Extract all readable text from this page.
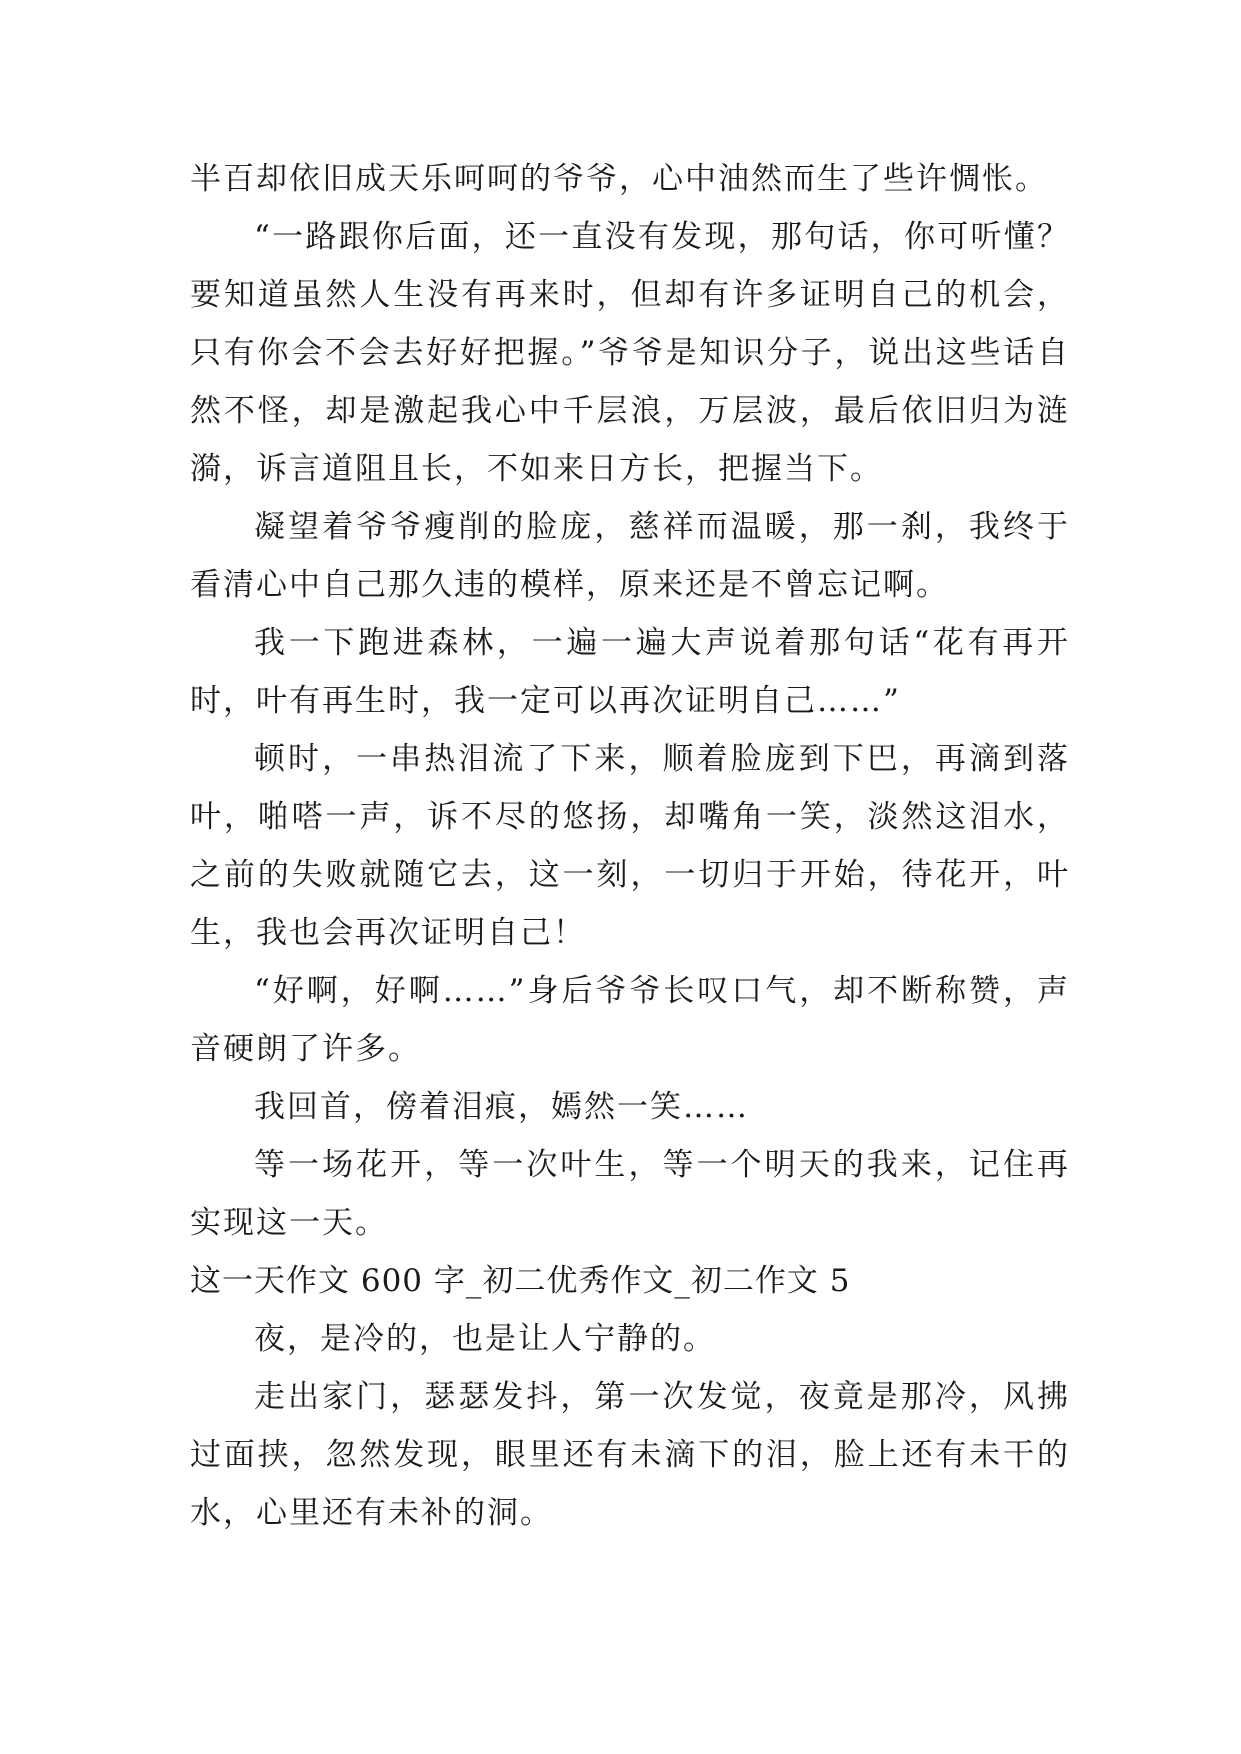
半百却依旧成天乐呵呵的爷爷，心中油然而生了些许惆怅。

“一路跟你后面，还一直没有发现，那句话，你可听懂？要知道虽然人生没有再来时，但却有许多证明自己的机会，只有你会不会去好好把握。”爷爷是知识分子，说出这些话自然不怪，却是激起我心中千层浪，万层波，最后依旧归为涟漪，诉言道阻且长，不如来日方长，把握当下。

凝望着爷爷瘦削的脸庞，慈祥而温暖，那一刹，我终于看清心中自己那久违的模样，原来还是不曾忘记啊。

我一下跑进森林，一遍一遍大声说着那句话“花有再开时，叶有再生时，我一定可以再次证明自己……”

顿时，一串热泪流了下来，顺着脸庞到下巴，再滴到落叶，啪嗒一声，诉不尽的悠扬，却嘴角一笑，淡然这泪水，之前的失败就随它去，这一刻，一切归于开始，待花开，叶生，我也会再次证明自己！

“好啊，好啊……”身后爷爷长叹口气，却不断称赞，声音硬朗了许多。

我回首，傍着泪痕，嫣然一笑……

等一场花开，等一次叶生，等一个明天的我来，记住再实现这一天。

这一天作文 600 字_初二优秀作文_初二作文 5

夜，是冷的，也是让人宁静的。

走出家门，瑟瑟发抖，第一次发觉，夜竟是那冷，风拂过面挟，忽然发现，眼里还有未滴下的泪，脸上还有未干的水，心里还有未补的洞。
